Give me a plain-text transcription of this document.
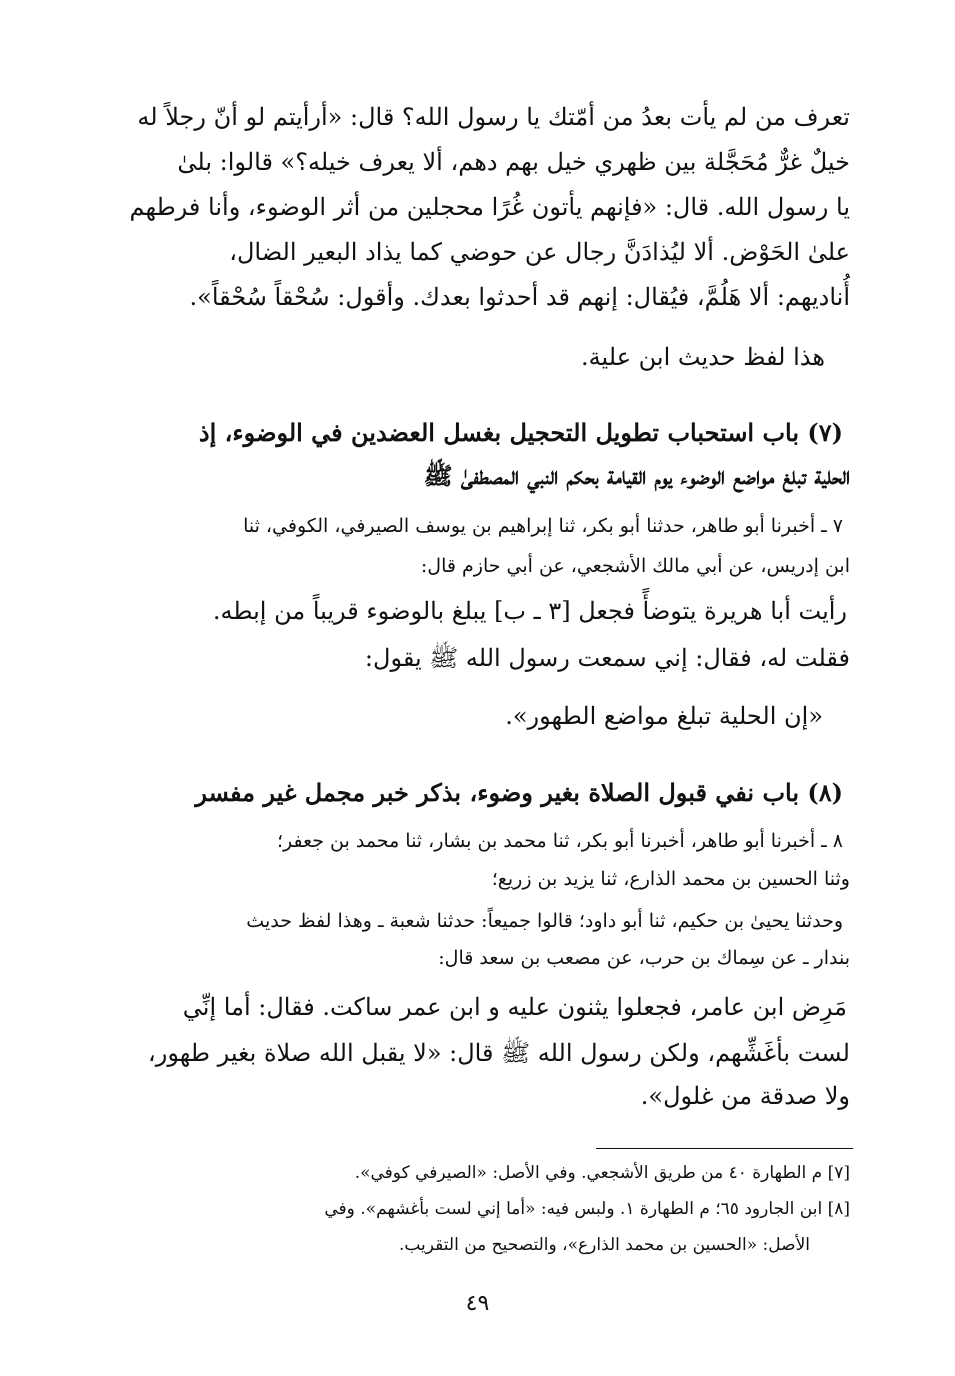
تعرف من لم يأت بعدُ من أمّتك يا رسول الله؟ قال: «أرأيتم لو أنّ رجلاً له
خيلٌ غرٌّ مُحَجَّلة بين ظهري خيل بهم دهم، ألا يعرف خيله؟» قالوا: بلىٰ
يا رسول الله. قال: «فإنهم يأتون غُرًا محجلين من أثر الوضوء، وأنا فرطهم
علىٰ الحَوْض. ألا ليُذادَنَّ رجال عن حوضي كما يذاد البعير الضال،
أُناديهم: ألا هَلُمَّ، فيُقال: إنهم قد أحدثوا بعدك. وأقول: سُحْقاً سُحْقاً».
هذا لفظ حديث ابن علية.
(٧) باب استحباب تطويل التحجيل بغسل العضدين في الوضوء، إذ
الحلية تبلغ مواضع الوضوء يوم القيامة بحكم النبي المصطفىٰ ﷺ
٧ ـ أخبرنا أبو طاهر، حدثنا أبو بكر، ثنا إبراهيم بن يوسف الصيرفي، الكوفي، ثنا
ابن إدريس، عن أبي مالك الأشجعي، عن أبي حازم قال:
رأيت أبا هريرة يتوضأً فجعل [٣ ـ ب] يبلغ بالوضوء قريباً من إبطه.
فقلت له، فقال: إني سمعت رسول الله ﷺ يقول:
«إن الحلية تبلغ مواضع الطهور».
(٨) باب نفي قبول الصلاة بغير وضوء، بذكر خبر مجمل غير مفسر
٨ ـ أخبرنا أبو طاهر، أخبرنا أبو بكر، ثنا محمد بن بشار، ثنا محمد بن جعفر؛
وثنا الحسين بن محمد الذارع، ثنا يزيد بن زريع؛
وحدثنا يحيىٰ بن حكيم، ثنا أبو داود؛ قالوا جميعاً: حدثنا شعبة ـ وهذا لفظ حديث
بندار ـ عن سِماك بن حرب، عن مصعب بن سعد قال:
مَرِض ابن عامر، فجعلوا يثنون عليه و ابن عمر ساكت. فقال: أما إنِّي
لست بأغَشِّهم، ولكن رسول الله ﷺ قال: «لا يقبل الله صلاة بغير طهور،
ولا صدقة من غلول».
[٧] م الطهارة ٤٠ من طريق الأشجعي. وفي الأصل: «الصيرفي كوفي».
[٨] ابن الجارود ٦٥؛ م الطهارة ١. ولبس فيه: «أما إني لست بأغشهم». وفي
الأصل: «الحسين بن محمد الذارع»، والتصحيح من التقريب.
٤٩
